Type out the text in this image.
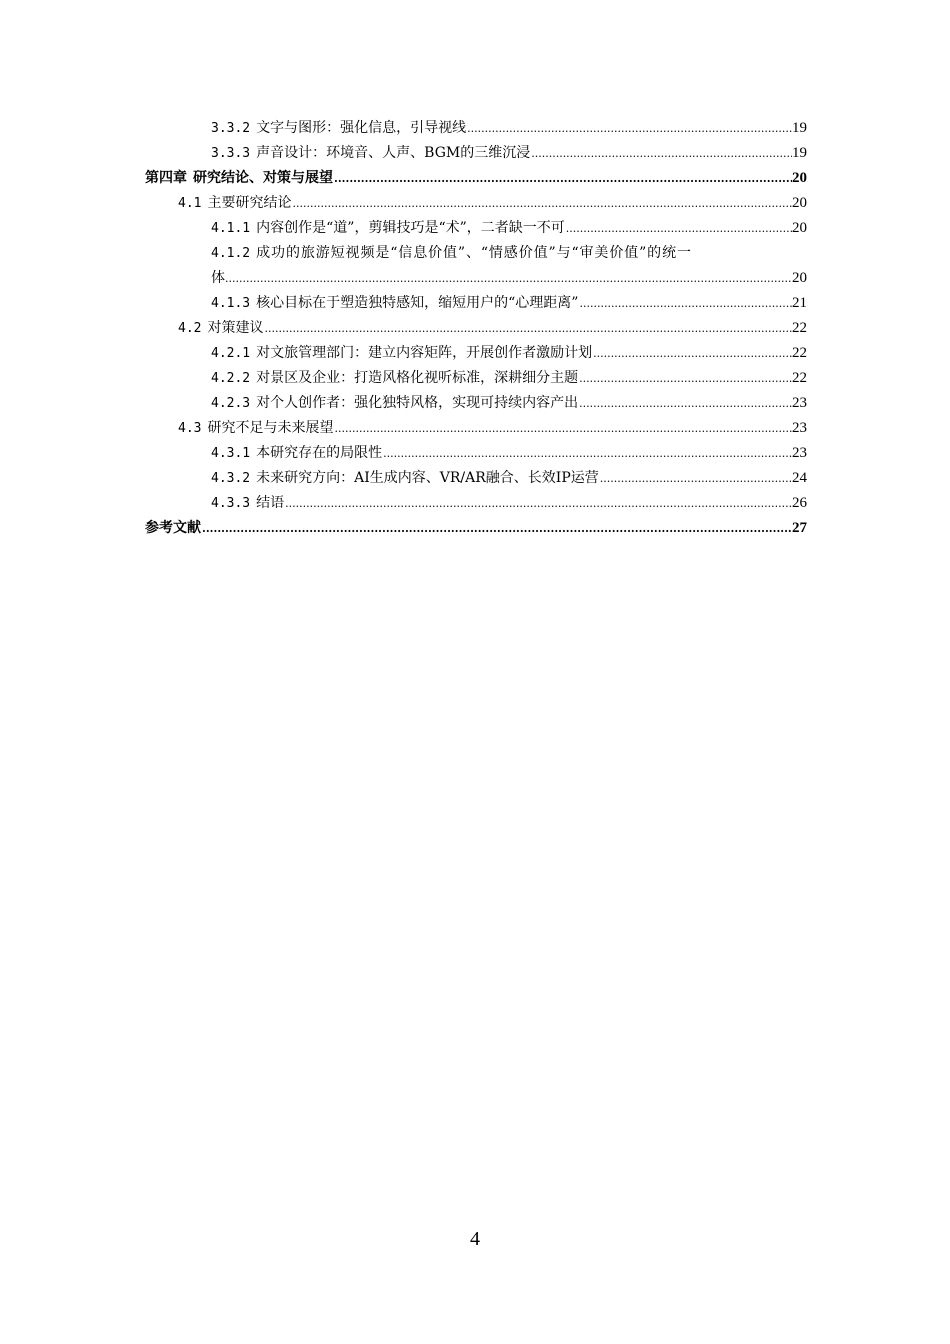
3.3.2 文字与图形：强化信息，引导视线 .....	19
3.3.3 声音设计：环境音、人声、BGM的三维沉浸 .....	19
第四章 研究结论、对策与展望 .....	20
4.1 主要研究结论 .....	20
4.1.1 内容创作是“道”，剪辑技巧是“术”，二者缺一不可 .....	20
4.1.2 成功的旅游短视频是“信息价值”、“情感价值”与“审美价值”的统一
体 .....	20
4.1.3 核心目标在于塑造独特感知，缩短用户的“心理距离” .....	21
4.2 对策建议 .....	22
4.2.1 对文旅管理部门：建立内容矩阵，开展创作者激励计划 .....	22
4.2.2 对景区及企业：打造风格化视听标准，深耕细分主题 .....	22
4.2.3 对个人创作者：强化独特风格，实现可持续内容产出 .....	23
4.3 研究不足与未来展望 .....	23
4.3.1 本研究存在的局限性 .....	23
4.3.2 未来研究方向：AI生成内容、VR/AR融合、长效IP运营 .....	24
4.3.3 结语 .....	26
参考文献 .....	27
4
